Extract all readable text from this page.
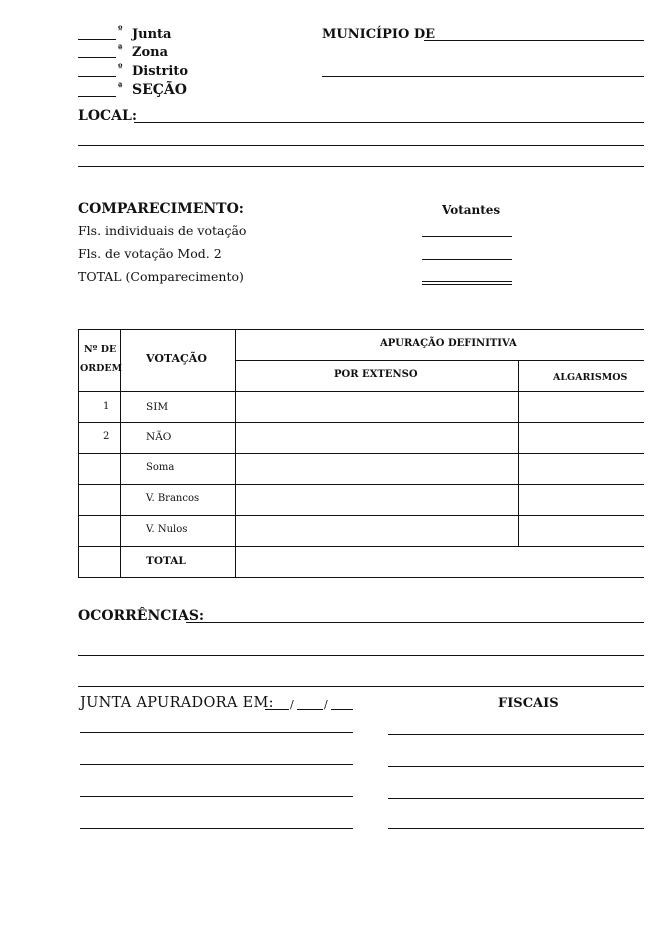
º Junta
ª Zona
º Distrito
ª SEÇÃO
MUNICÍPIO DE
LOCAL:
COMPARECIMENTO:	Votantes
Fls. individuais de votação
Fls. de votação Mod. 2
TOTAL (Comparecimento)
Nº DE
ORDEM
VOTAÇÃO
APURAÇÃO DEFINITIVA
POR EXTENSO	ALGARISMOS
1	SIM
2	NÃO
Soma
V. Brancos
V. Nulos
TOTAL
OCORRÊNCIAS:
JUNTA APURADORA EM: /	/	FISCAIS
